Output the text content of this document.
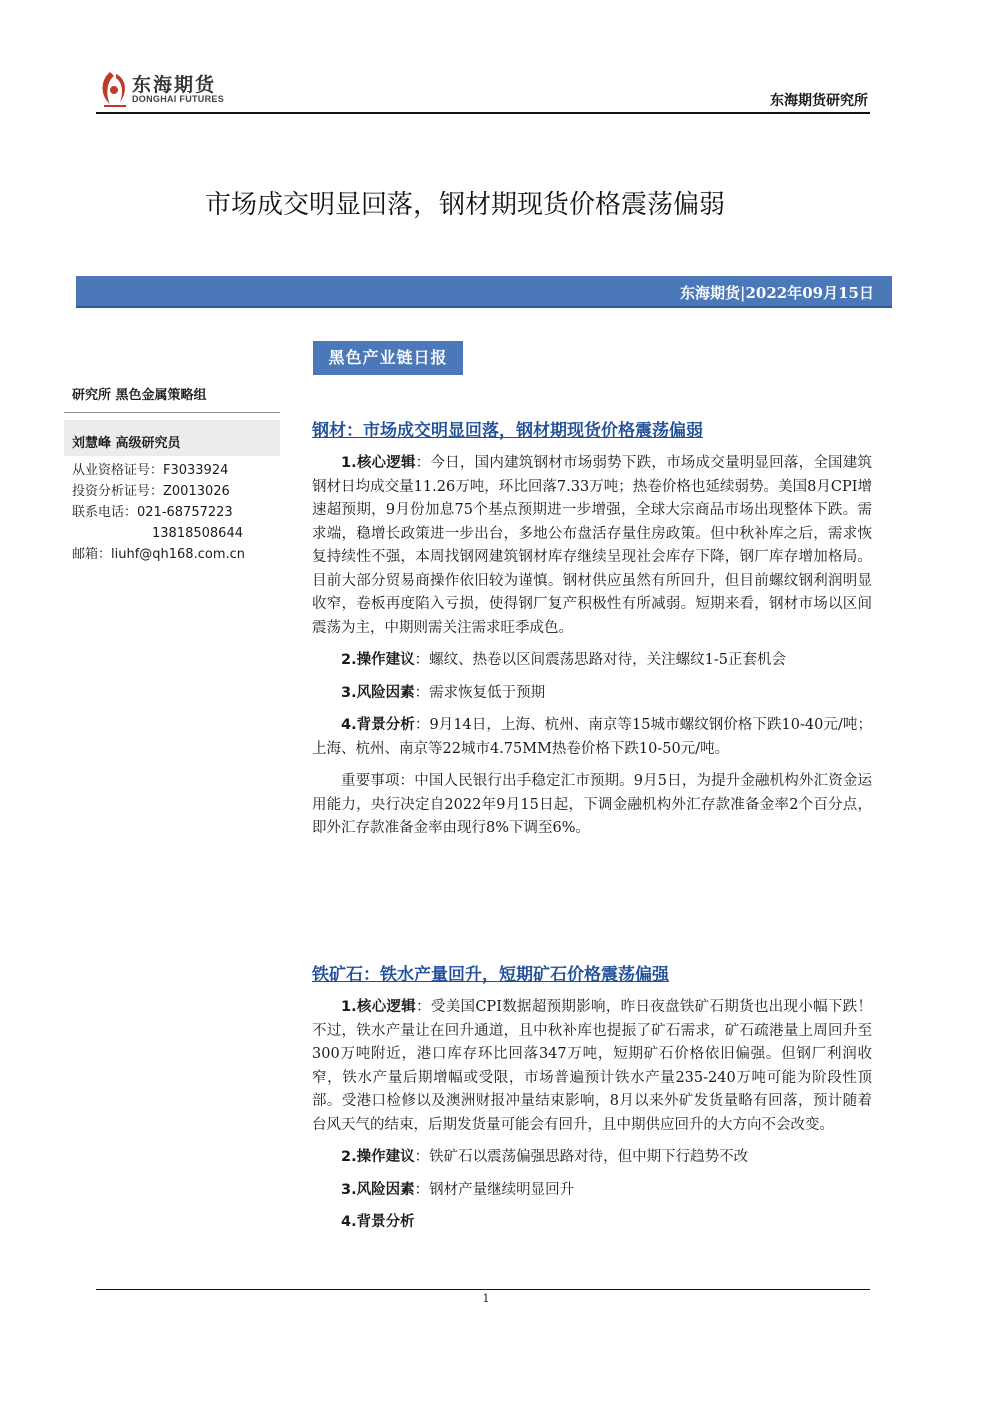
东海期货
DONGHAI FUTURES	东海期货研究所
市场成交明显回落，钢材期现货价格震荡偏弱
东海期货|2022年09月15日
黑色产业链日报
研究所 黑色金属策略组
刘慧峰 高级研究员
从业资格证号：F3033924
投资分析证号：Z0013026
联系电话：021-68757223
13818508644
邮箱：liuhf@qh168.com.cn
钢材：市场成交明显回落，钢材期现货价格震荡偏弱

1.核心逻辑：今日，国内建筑钢材市场弱势下跌，市场成交量明显回落，全国建筑钢材日均成交量11.26万吨，环比回落7.33万吨；热卷价格也延续弱势。美国8月CPI增速超预期，9月份加息75个基点预期进一步增强，全球大宗商品市场出现整体下跌。需求端，稳增长政策进一步出台，多地公布盘活存量住房政策。但中秋补库之后，需求恢复持续性不强，本周找钢网建筑钢材库存继续呈现社会库存下降，钢厂库存增加格局。目前大部分贸易商操作依旧较为谨慎。钢材供应虽然有所回升，但目前螺纹钢利润明显收窄，卷板再度陷入亏损，使得钢厂复产积极性有所减弱。短期来看，钢材市场以区间震荡为主，中期则需关注需求旺季成色。

2.操作建议：螺纹、热卷以区间震荡思路对待，关注螺纹1-5正套机会

3.风险因素：需求恢复低于预期

4.背景分析：9月14日，上海、杭州、南京等15城市螺纹钢价格下跌10-40元/吨；上海、杭州、南京等22城市4.75MM热卷价格下跌10-50元/吨。

重要事项：中国人民银行出手稳定汇市预期。9月5日，为提升金融机构外汇资金运用能力，央行决定自2022年9月15日起，下调金融机构外汇存款准备金率2个百分点，即外汇存款准备金率由现行8%下调至6%。

铁矿石：铁水产量回升，短期矿石价格震荡偏强

1.核心逻辑：受美国CPI数据超预期影响，昨日夜盘铁矿石期货也出现小幅下跌！不过，铁水产量让在回升通道，且中秋补库也提振了矿石需求，矿石疏港量上周回升至300万吨附近，港口库存环比回落347万吨，短期矿石价格依旧偏强。但钢厂利润收窄，铁水产量后期增幅或受限，市场普遍预计铁水产量235-240万吨可能为阶段性顶部。受港口检修以及澳洲财报冲量结束影响，8月以来外矿发货量略有回落，预计随着台风天气的结束，后期发货量可能会有回升，且中期供应回升的大方向不会改变。

2.操作建议：铁矿石以震荡偏强思路对待，但中期下行趋势不改

3.风险因素：钢材产量继续明显回升

4.背景分析

1
